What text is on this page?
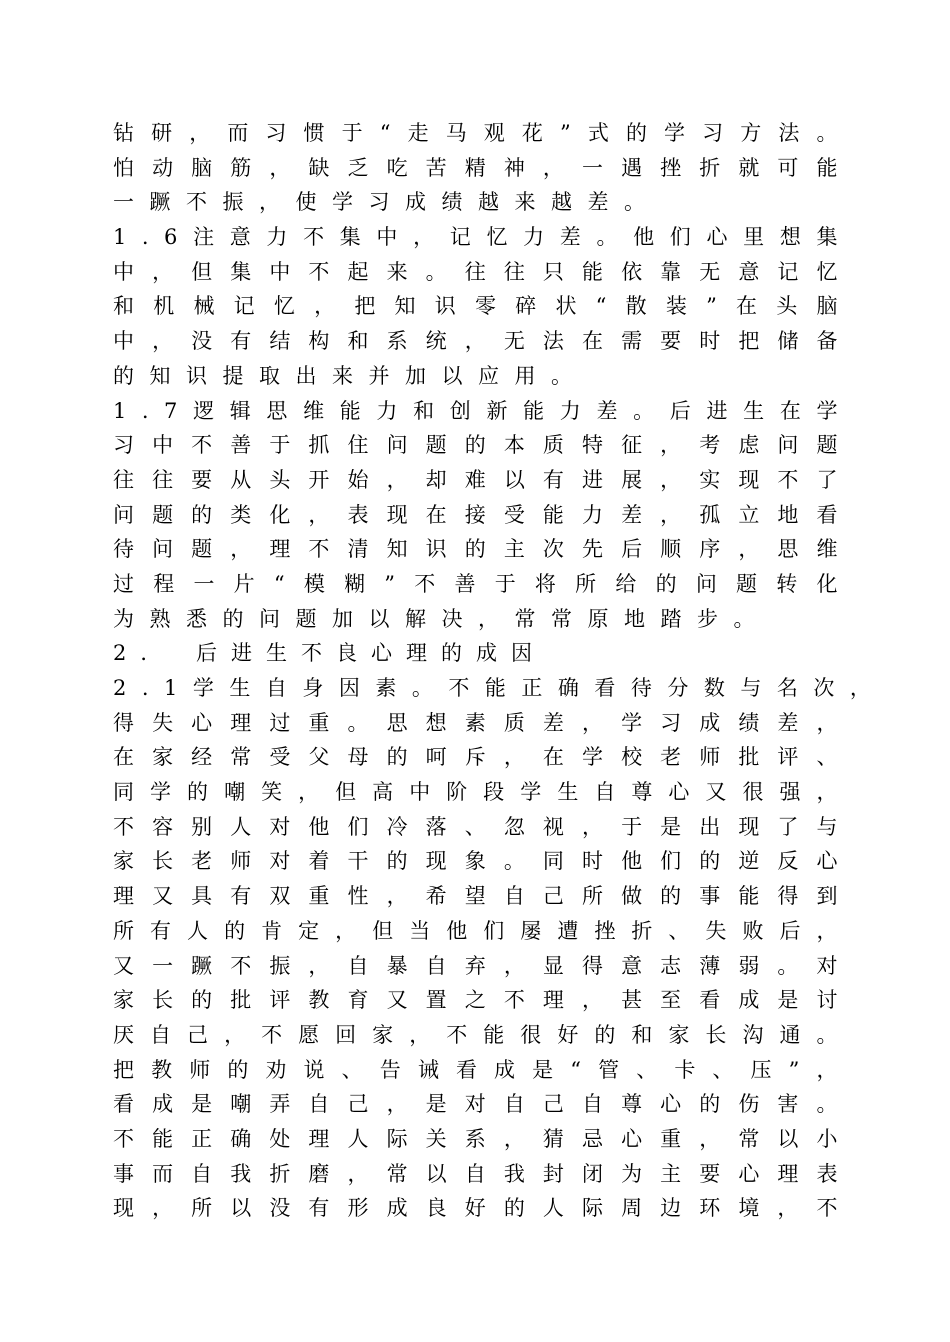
钻研，而习惯于“走马观花”式的学习方法。
怕动脑筋，缺乏吃苦精神，一遇挫折就可能
一蹶不振，使学习成绩越来越差。
1.6注意力不集中，记忆力差。他们心里想集
中，但集中不起来。往往只能依靠无意记忆
和机械记忆，把知识零碎状“散装”在头脑
中，没有结构和系统，无法在需要时把储备
的知识提取出来并加以应用。
1.7逻辑思维能力和创新能力差。后进生在学
习中不善于抓住问题的本质特征，考虑问题
往往要从头开始，却难以有进展，实现不了
问题的类化，表现在接受能力差，孤立地看
待问题，理不清知识的主次先后顺序，思维
过程一片“模糊”不善于将所给的问题转化
为熟悉的问题加以解决，常常原地踏步。
2． 后进生不良心理的成因
2.1学生自身因素。不能正确看待分数与名次，
得失心理过重。思想素质差，学习成绩差，
在家经常受父母的呵斥，在学校老师批评、
同学的嘲笑，但高中阶段学生自尊心又很强，
不容别人对他们冷落、忽视，于是出现了与
家长老师对着干的现象。同时他们的逆反心
理又具有双重性，希望自己所做的事能得到
所有人的肯定，但当他们屡遭挫折、失败后，
又一蹶不振，自暴自弃，显得意志薄弱。对
家长的批评教育又置之不理，甚至看成是讨
厌自己，不愿回家，不能很好的和家长沟通。
把教师的劝说、告诫看成是“管、卡、压”，
看成是嘲弄自己，是对自己自尊心的伤害。
不能正确处理人际关系，猜忌心重，常以小
事而自我折磨，常以自我封闭为主要心理表
现，所以没有形成良好的人际周边环境，不
